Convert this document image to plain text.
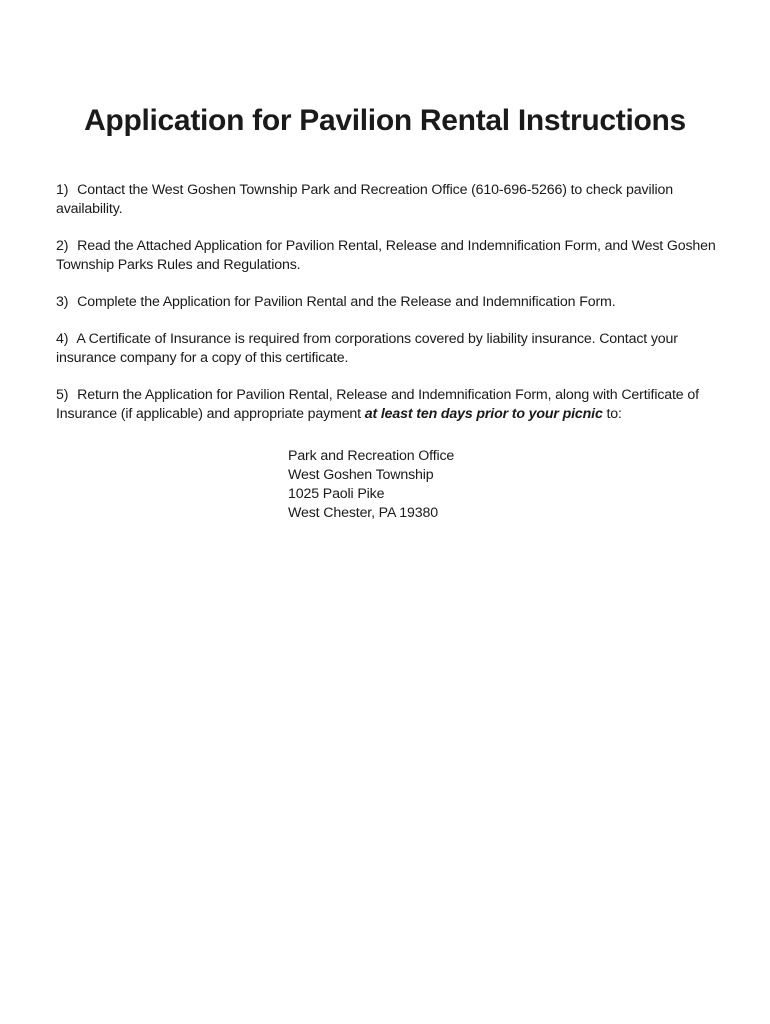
Application for Pavilion Rental Instructions
1) Contact the West Goshen Township Park and Recreation Office (610-696-5266) to check pavilion availability.
2) Read the Attached Application for Pavilion Rental, Release and Indemnification Form, and West Goshen Township Parks Rules and Regulations.
3) Complete the Application for Pavilion Rental and the Release and Indemnification Form.
4) A Certificate of Insurance is required from corporations covered by liability insurance. Contact your insurance company for a copy of this certificate.
5) Return the Application for Pavilion Rental, Release and Indemnification Form, along with Certificate of Insurance (if applicable) and appropriate payment at least ten days prior to your picnic to:
Park and Recreation Office
West Goshen Township
1025 Paoli Pike
West Chester, PA 19380
